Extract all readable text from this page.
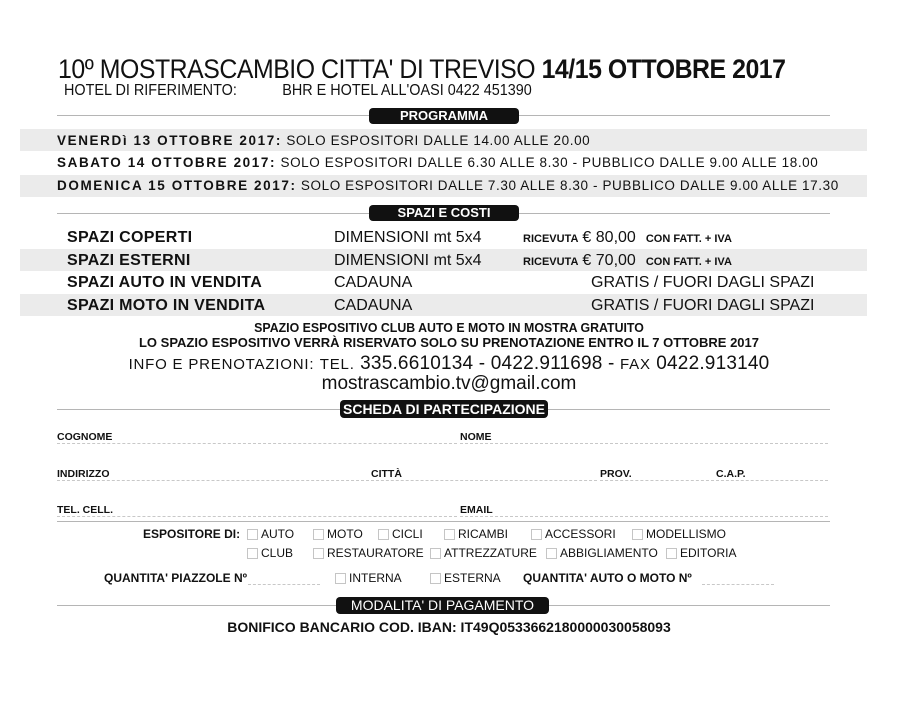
10º MOSTRASCAMBIO CITTA' DI TREVISO 14/15 OTTOBRE 2017
HOTEL DI RIFERIMENTO:	BHR E HOTEL ALL'OASI 0422 451390
PROGRAMMA
VENERDì 13 OTTOBRE 2017: SOLO ESPOSITORI DALLE 14.00 ALLE 20.00
SABATO 14 OTTOBRE 2017: SOLO ESPOSITORI DALLE 6.30 ALLE 8.30 - PUBBLICO DALLE 9.00 ALLE 18.00
DOMENICA 15 OTTOBRE 2017: SOLO ESPOSITORI DALLE 7.30 ALLE 8.30 - PUBBLICO DALLE 9.00 ALLE 17.30
SPAZI E COSTI
SPAZI COPERTI	DIMENSIONI mt 5x4	RICEVUTA € 80,00 CON FATT. + IVA
SPAZI ESTERNI	DIMENSIONI mt 5x4	RICEVUTA € 70,00 CON FATT. + IVA
SPAZI AUTO IN VENDITA	CADAUNA	GRATIS / FUORI DAGLI SPAZI
SPAZI MOTO IN VENDITA	CADAUNA	GRATIS / FUORI DAGLI SPAZI
SPAZIO ESPOSITIVO CLUB AUTO E MOTO IN MOSTRA GRATUITO
LO SPAZIO ESPOSITIVO VERRÀ RISERVATO SOLO SU PRENOTAZIONE ENTRO IL 7 OTTOBRE 2017
INFO E PRENOTAZIONI: TEL. 335.6610134 - 0422.911698 - FAX 0422.913140
mostrascambio.tv@gmail.com
SCHEDA DI PARTECIPAZIONE
COGNOME	NOME
INDIRIZZO	CITTÀ	PROV.	C.A.P.
TEL. CELL.	EMAIL
ESPOSITORE DI: AUTO	MOTO CICLI	RICAMBI	ACCESSORI	MODELLISMO
CLUB	RESTAURATORE ATTREZZATURE ABBIGLIAMENTO EDITORIA
QUANTITA' PIAZZOLE Nº	INTERNA	ESTERNA QUANTITA' AUTO O MOTO Nº
MODALITA' DI PAGAMENTO
BONIFICO BANCARIO COD. IBAN: IT49Q0533662180000030058093
